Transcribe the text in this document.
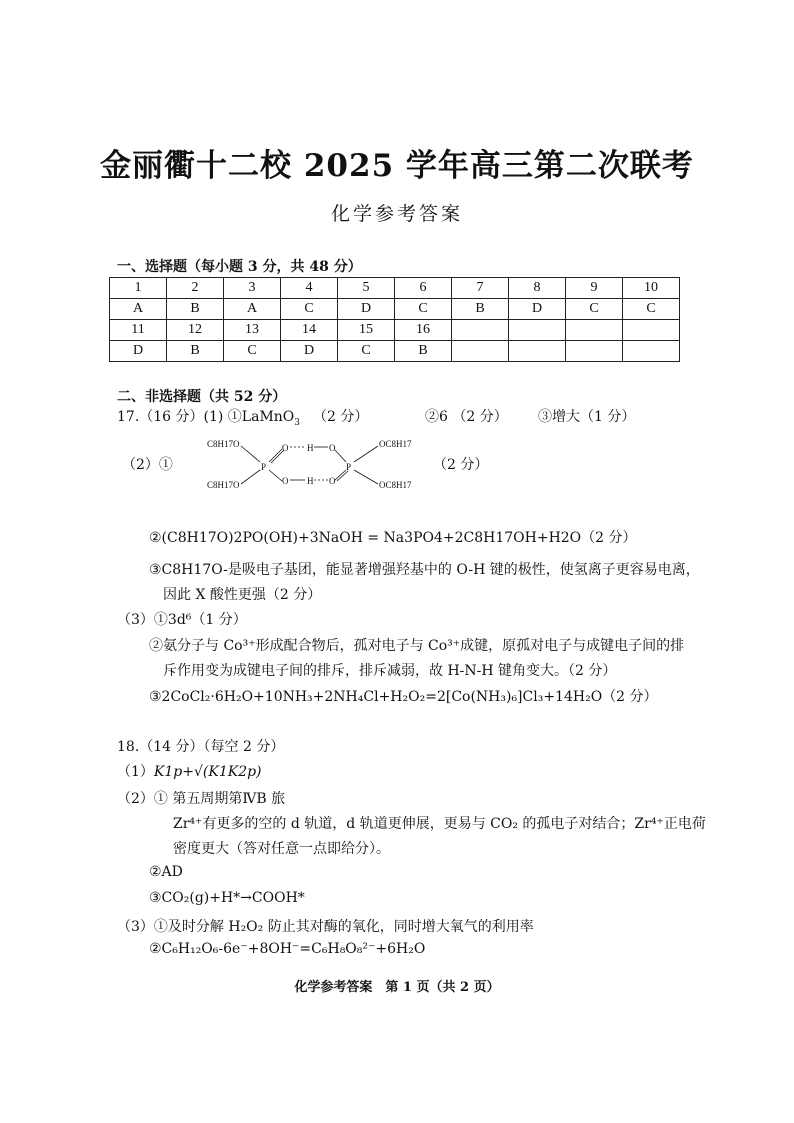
金丽衢十二校 2025 学年高三第二次联考
化学参考答案
一、选择题（每小题 3 分，共 48 分）
1	2	3	4	5	6	7	8	9	10
A	B	A	C	D	C	B	D	C	C
11	12	13	14	15	16				
D	B	C	D	C	B				
二、非选择题（共 52 分）
17.（16 分）(1) ①LaMnO$_3$ （2 分）	②6 （2 分） ③增大（1 分）
（2）①
C8H17O
C8H17O
OC8H17
OC8H17
P	P
O
O
O
O
H
H
（2 分）
②(C8H17O)2PO(OH)+3NaOH = Na3PO4+2C8H17OH+H2O（2 分）
③C8H17O-是吸电子基团，能显著增强羟基中的 O-H 键的极性，使氢离子更容易电离，
因此 X 酸性更强（2 分）
（3）①3d⁶（1 分）
②氨分子与 Co³⁺形成配合物后，孤对电子与 Co³⁺成键，原孤对电子与成键电子间的排
斥作用变为成键电子间的排斥，排斥减弱，故 H-N-H 键角变大。（2 分）
③2CoCl₂·6H₂O+10NH₃+2NH₄Cl+H₂O₂=2[Co(NH₃)₆]Cl₃+14H₂O（2 分）
18.（14 分）（每空 2 分）
（1）K1p+√(K1K2p)
（2）① 第五周期第ⅣB 旅
Zr⁴⁺有更多的空的 d 轨道，d 轨道更伸展，更易与 CO₂ 的孤电子对结合；Zr⁴⁺正电荷
密度更大（答对任意一点即给分）。
②AD
③CO₂(g)+H*→COOH*
（3）①及时分解 H₂O₂ 防止其对酶的氧化，同时增大氧气的利用率
②C₆H₁₂O₆-6e⁻+8OH⁻=C₆H₈O₈²⁻+6H₂O
化学参考答案　第 1 页（共 2 页）
